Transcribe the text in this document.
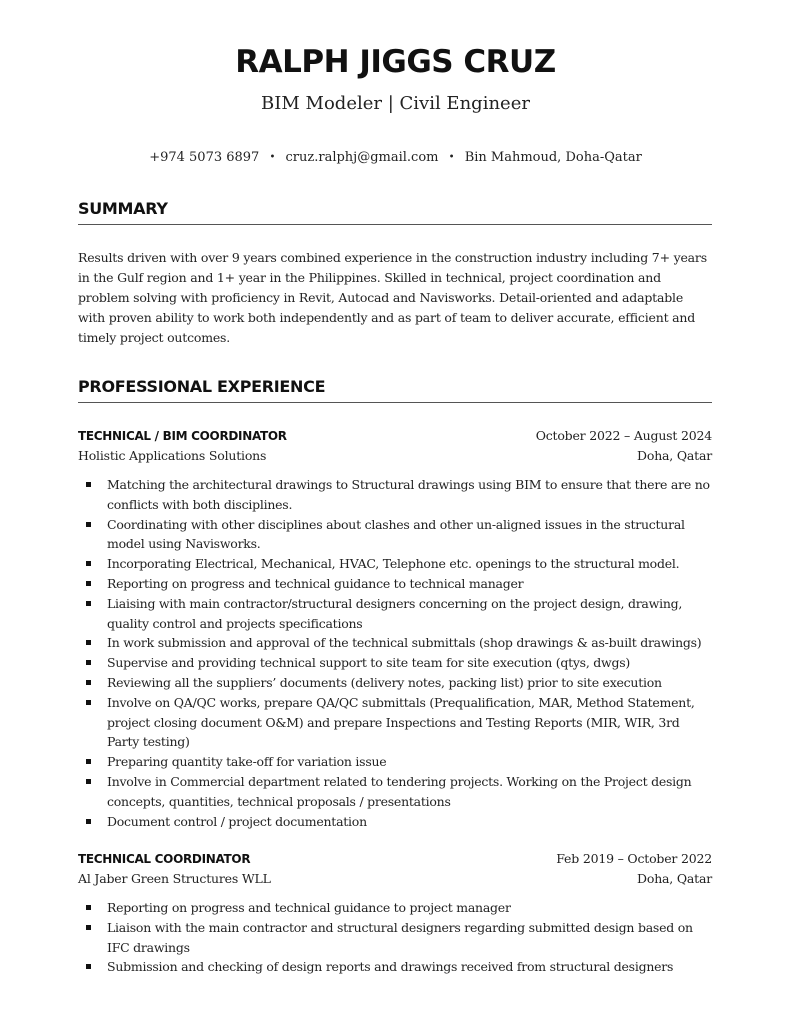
RALPH JIGGS CRUZ
BIM Modeler | Civil Engineer
+974 5073 6897 • cruz.ralphj@gmail.com • Bin Mahmoud, Doha-Qatar
SUMMARY
Results driven with over 9 years combined experience in the construction industry including 7+ years in the Gulf region and 1+ year in the Philippines. Skilled in technical, project coordination and problem solving with proficiency in Revit, Autocad and Navisworks. Detail-oriented and adaptable with proven ability to work both independently and as part of team to deliver accurate, efficient and timely project outcomes.
PROFESSIONAL EXPERIENCE
TECHNICAL / BIM COORDINATOR	October 2022 – August 2024
Holistic Applications Solutions	Doha, Qatar
Matching the architectural drawings to Structural drawings using BIM to ensure that there are no
conflicts with both disciplines.
Coordinating with other disciplines about clashes and other un-aligned issues in the structural
model using Navisworks.
Incorporating Electrical, Mechanical, HVAC, Telephone etc. openings to the structural model.
Reporting on progress and technical guidance to technical manager
Liaising with main contractor/structural designers concerning on the project design, drawing,
quality control and projects specifications
In work submission and approval of the technical submittals (shop drawings & as-built drawings)
Supervise and providing technical support to site team for site execution (qtys, dwgs)
Reviewing all the suppliers’ documents (delivery notes, packing list) prior to site execution
Involve on QA/QC works, prepare QA/QC submittals (Prequalification, MAR, Method Statement,
project closing document O&M) and prepare Inspections and Testing Reports (MIR, WIR, 3rd
Party testing)
Preparing quantity take-off for variation issue
Involve in Commercial department related to tendering projects. Working on the Project design
concepts, quantities, technical proposals / presentations
Document control / project documentation
TECHNICAL COORDINATOR	Feb 2019 – October 2022
Al Jaber Green Structures WLL	Doha, Qatar
Reporting on progress and technical guidance to project manager
Liaison with the main contractor and structural designers regarding submitted design based on
IFC drawings
Submission and checking of design reports and drawings received from structural designers
